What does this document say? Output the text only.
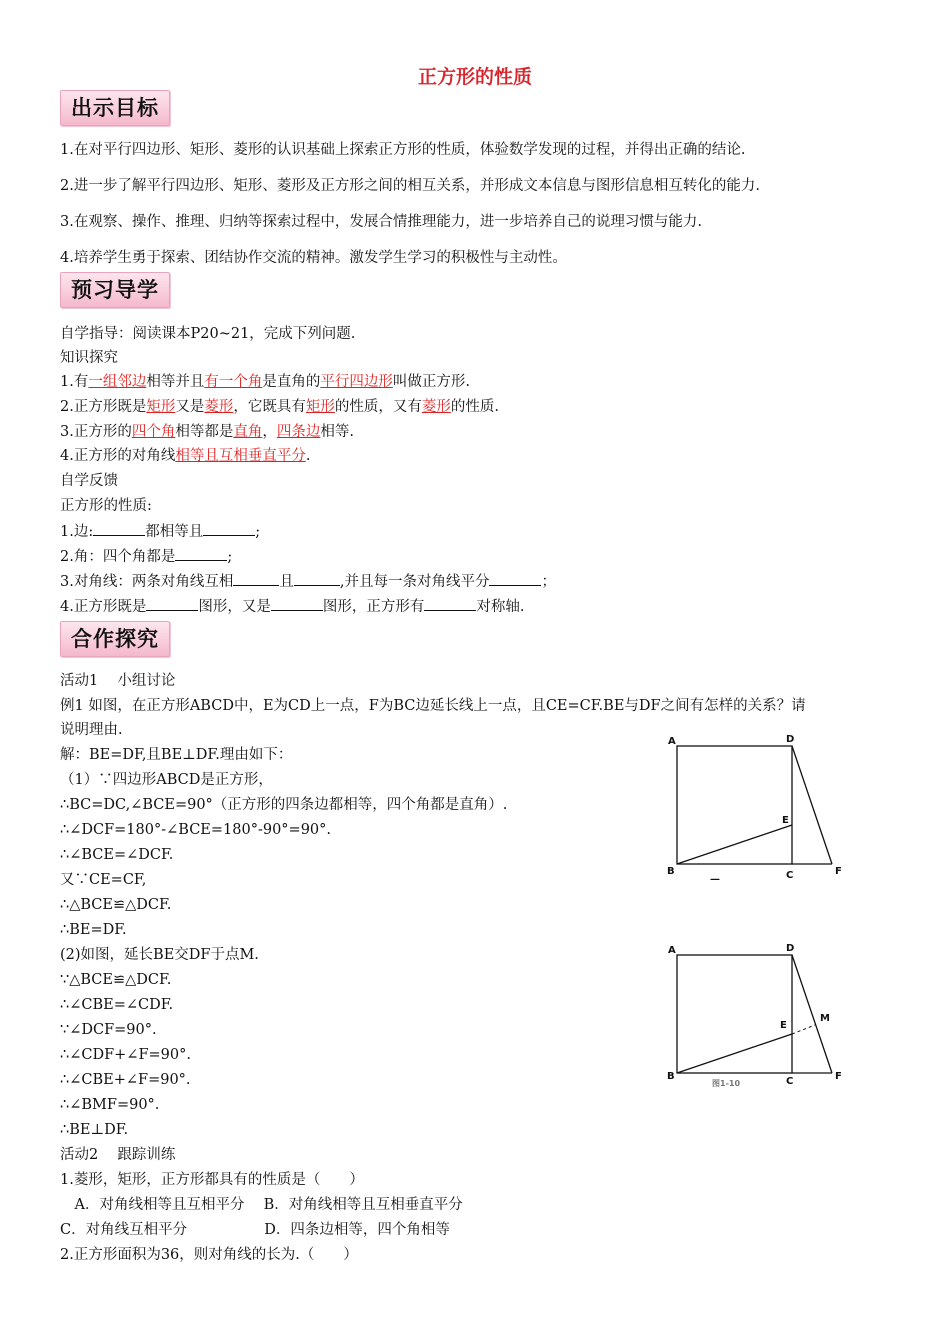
正方形的性质
出示目标
1.在对平行四边形、矩形、菱形的认识基础上探索正方形的性质，体验数学发现的过程，并得出正确的结论.
2.进一步了解平行四边形、矩形、菱形及正方形之间的相互关系，并形成文本信息与图形信息相互转化的能力.
3.在观察、操作、推理、归纳等探索过程中，发展合情推理能力，进一步培养自己的说理习惯与能力.
4.培养学生勇于探索、团结协作交流的精神。激发学生学习的积极性与主动性。
预习导学
自学指导：阅读课本P20~21，完成下列问题.
知识探究
1.有一组邻边相等并且有一个角是直角的平行四边形叫做正方形.
2.正方形既是矩形又是菱形，它既具有矩形的性质，又有菱形的性质.
3.正方形的四个角相等都是直角，四条边相等.
4.正方形的对角线相等且互相垂直平分.
自学反馈
正方形的性质:
1.边:	都相等且	;
2.角：四个角都是	;
3.对角线：两条对角线互相	且	,并且每一条对角线平分	；
4.正方形既是	图形，又是	图形，正方形有	对称轴.
合作探究
活动1　 小组讨论
例1 如图，在正方形ABCD中，E为CD上一点，F为BC边延长线上一点，且CE=CF.BE与DF之间有怎样的关系？请
说明理由.
解：BE=DF,且BE⊥DF.理由如下：
（1）∵四边形ABCD是正方形，
∴BC=DC,∠BCE=90°（正方形的四条边都相等，四个角都是直角）.
∴∠DCF=180°-∠BCE=180°-90°=90°.
∴∠BCE=∠DCF.
又∵CE=CF,
∴△BCE≌△DCF.
∴BE=DF.
(2)如图，延长BE交DF于点M.
∵△BCE≌△DCF.
∴∠CBE=∠CDF.
∵∠DCF=90°.
∴∠CDF+∠F=90°.
∴∠CBE+∠F=90°.
∴∠BMF=90°.
∴BE⊥DF.
活动2　 跟踪训练
1.菱形，矩形，正方形都具有的性质是（　　）
　A．对角线相等且互相平分　 B．对角线相等且互相垂直平分
C．对角线互相平分　　　　　 D．四条边相等，四个角相等
2.正方形面积为36，则对角线的长为.（　　）
A	D
E
B	C	F
—
A	D
E
M
B	C	F
图1-10
